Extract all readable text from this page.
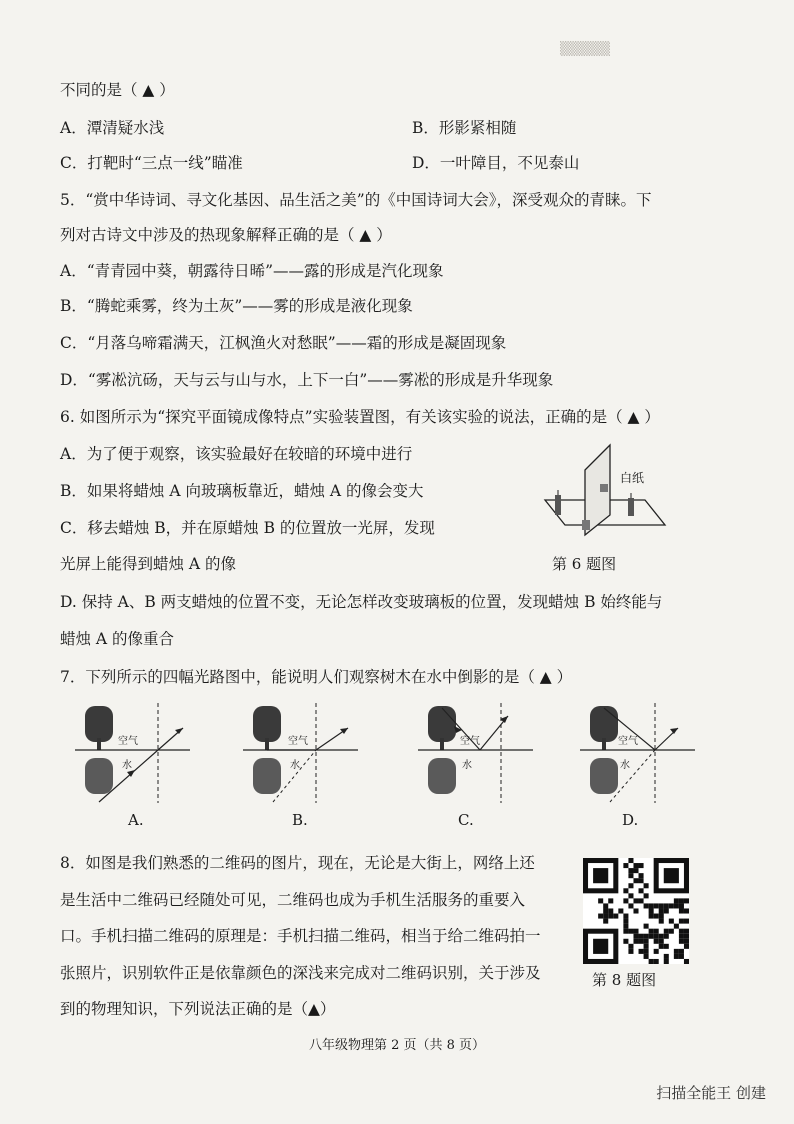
▒▒▒▒▒
不同的是（ ▲ ）
A．潭清疑水浅	B．形影紧相随
C．打靶时“三点一线”瞄准	D．一叶障目，不见泰山
5．“赏中华诗词、寻文化基因、品生活之美”的《中国诗词大会》，深受观众的青睐。下
列对古诗文中涉及的热现象解释正确的是（ ▲ ）
A．“青青园中葵，朝露待日晞”——露的形成是汽化现象
B．“腾蛇乘雾，终为土灰”——雾的形成是液化现象
C．“月落乌啼霜满天，江枫渔火对愁眠”——霜的形成是凝固现象
D．“雾凇沆砀，天与云与山与水，上下一白”——雾凇的形成是升华现象
6. 如图所示为“探究平面镜成像特点”实验装置图，有关该实验的说法，正确的是（ ▲ ）
A．为了便于观察，该实验最好在较暗的环境中进行
B．如果将蜡烛 A 向玻璃板靠近，蜡烛 A 的像会变大
C．移去蜡烛 B，并在原蜡烛 B 的位置放一光屏，发现
光屏上能得到蜡烛 A 的像
D. 保持 A、B 两支蜡烛的位置不变，无论怎样改变玻璃板的位置，发现蜡烛 B 始终能与
蜡烛 A 的像重合
白纸
第 6 题图
7．下列所示的四幅光路图中，能说明人们观察树木在水中倒影的是（ ▲ ）
空气
水
空气
水
空气
水
空气
水
A.	B.	C.	D.
8．如图是我们熟悉的二维码的图片，现在，无论是大街上，网络上还
是生活中二维码已经随处可见，二维码也成为手机生活服务的重要入
口。手机扫描二维码的原理是：手机扫描二维码，相当于给二维码拍一
张照片，识别软件正是依靠颜色的深浅来完成对二维码识别，关于涉及
到的物理知识，下列说法正确的是（▲）
第 8 题图
八年级物理第 2 页（共 8 页）
扫描全能王 创建
